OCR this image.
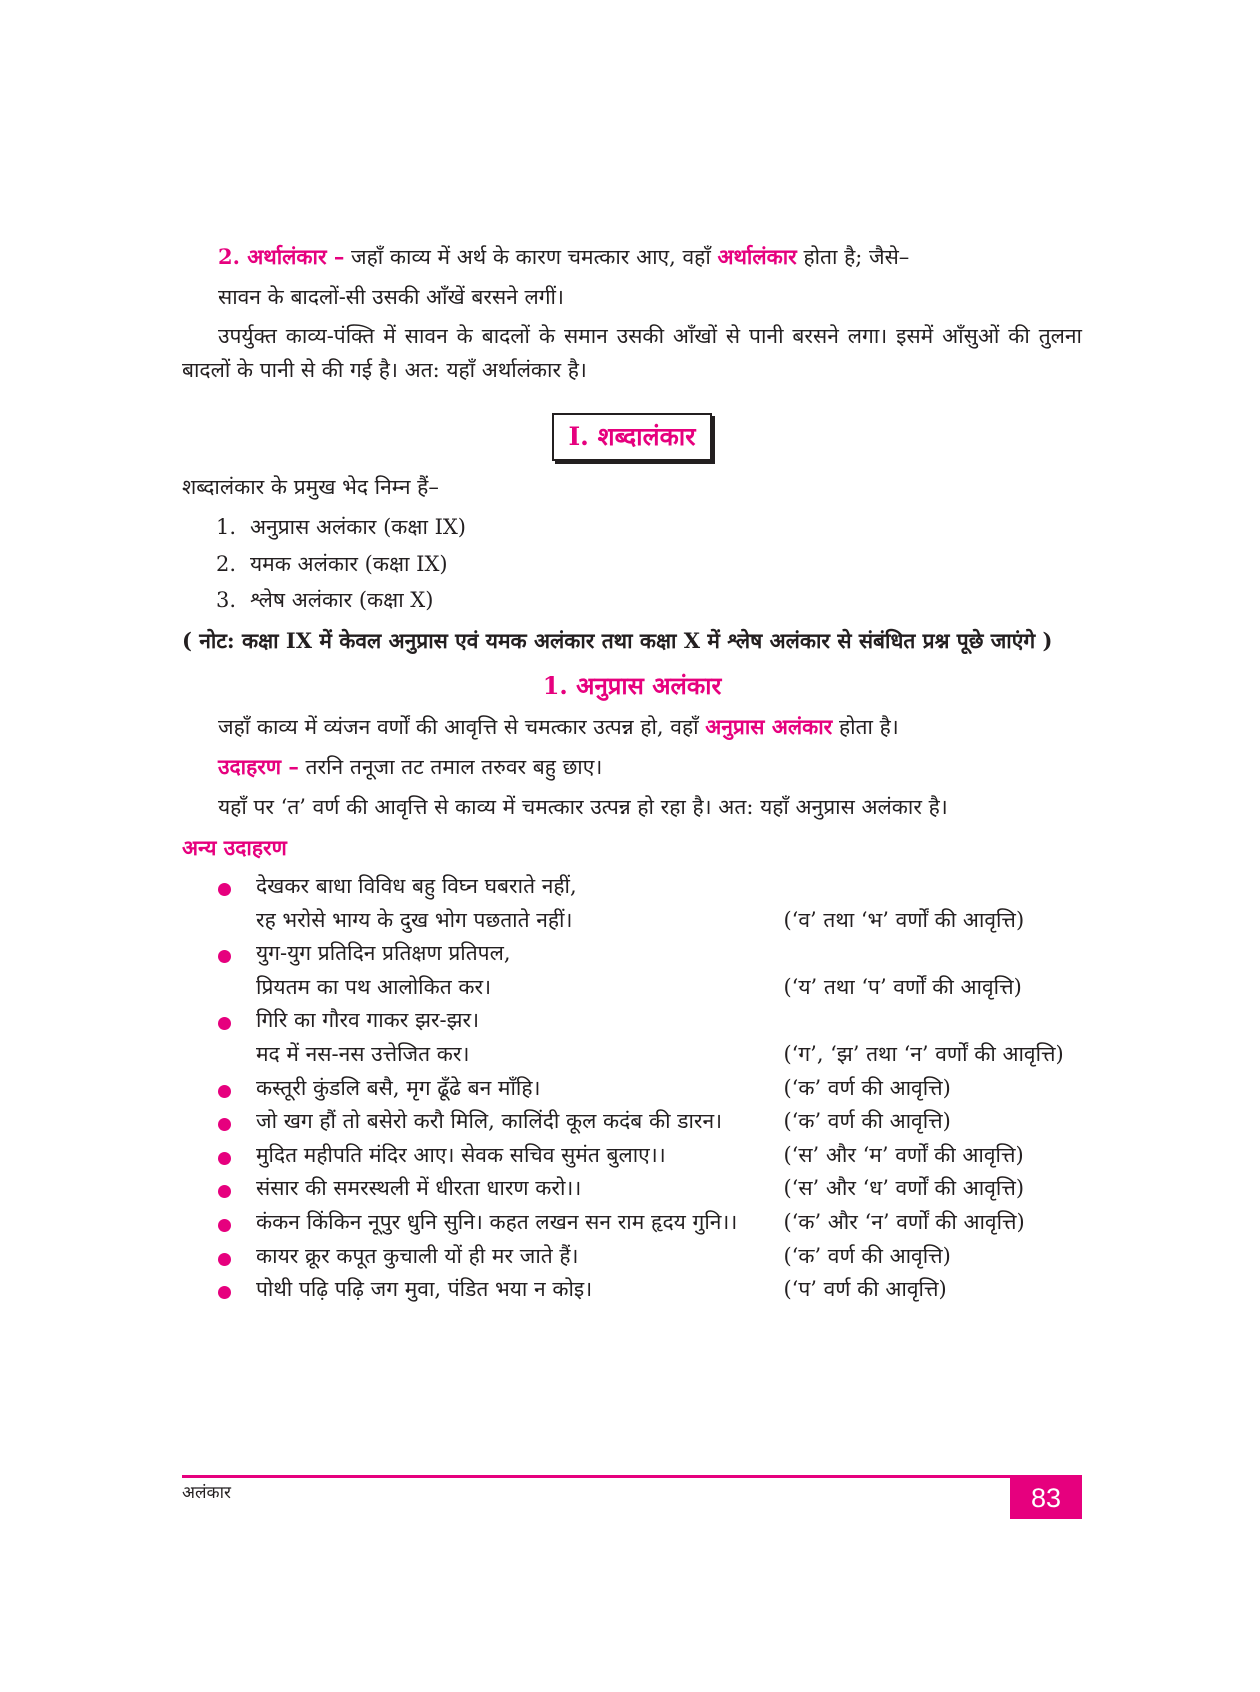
2. अर्थालंकार – जहाँ काव्य में अर्थ के कारण चमत्कार आए, वहाँ अर्थालंकार होता है; जैसे–

सावन के बादलों-सी उसकी आँखें बरसने लगीं।

उपर्युक्त काव्य-पंक्ति में सावन के बादलों के समान उसकी आँखों से पानी बरसने लगा। इसमें आँसुओं की तुलना बादलों के पानी से की गई है। अत: यहाँ अर्थालंकार है।

I. शब्दालंकार

शब्दालंकार के प्रमुख भेद निम्न हैं–

1. अनुप्रास अलंकार (कक्षा IX)
2. यमक अलंकार (कक्षा IX)
3. श्लेष अलंकार (कक्षा X)

( नोट: कक्षा IX में केवल अनुप्रास एवं यमक अलंकार तथा कक्षा X में श्लेष अलंकार से संबंधित प्रश्न पूछे जाएंगे )

1. अनुप्रास अलंकार

जहाँ काव्य में व्यंजन वर्णों की आवृत्ति से चमत्कार उत्पन्न हो, वहाँ अनुप्रास अलंकार होता है।

उदाहरण – तरनि तनूजा तट तमाल तरुवर बहु छाए।

यहाँ पर ‘त’ वर्ण की आवृत्ति से काव्य में चमत्कार उत्पन्न हो रहा है। अत: यहाँ अनुप्रास अलंकार है।

अन्य उदाहरण

देखकर बाधा विविध बहु विघ्न घबराते नहीं,
रह भरोसे भाग्य के दुख भोग पछताते नहीं।	(‘व’ तथा ‘भ’ वर्णों की आवृत्ति)
युग-युग प्रतिदिन प्रतिक्षण प्रतिपल,
प्रियतम का पथ आलोकित कर।	(‘य’ तथा ‘प’ वर्णों की आवृत्ति)
गिरि का गौरव गाकर झर-झर।
मद में नस-नस उत्तेजित कर।	(‘ग’, ‘झ’ तथा ‘न’ वर्णों की आवृत्ति)
कस्तूरी कुंडलि बसै, मृग ढूँढे बन माँहि।	(‘क’ वर्ण की आवृत्ति)
जो खग हौं तो बसेरो करौ मिलि, कालिंदी कूल कदंब की डारन।	(‘क’ वर्ण की आवृत्ति)
मुदित महीपति मंदिर आए। सेवक सचिव सुमंत बुलाए।।	(‘स’ और ‘म’ वर्णों की आवृत्ति)
संसार की समरस्थली में धीरता धारण करो।।	(‘स’ और ‘ध’ वर्णों की आवृत्ति)
कंकन किंकिन नूपुर धुनि सुनि। कहत लखन सन राम हृदय गुनि।।	(‘क’ और ‘न’ वर्णों की आवृत्ति)
कायर क्रूर कपूत कुचाली यों ही मर जाते हैं।	(‘क’ वर्ण की आवृत्ति)
पोथी पढ़ि पढ़ि जग मुवा, पंडित भया न कोइ।	(‘प’ वर्ण की आवृत्ति)
अलंकार	83
